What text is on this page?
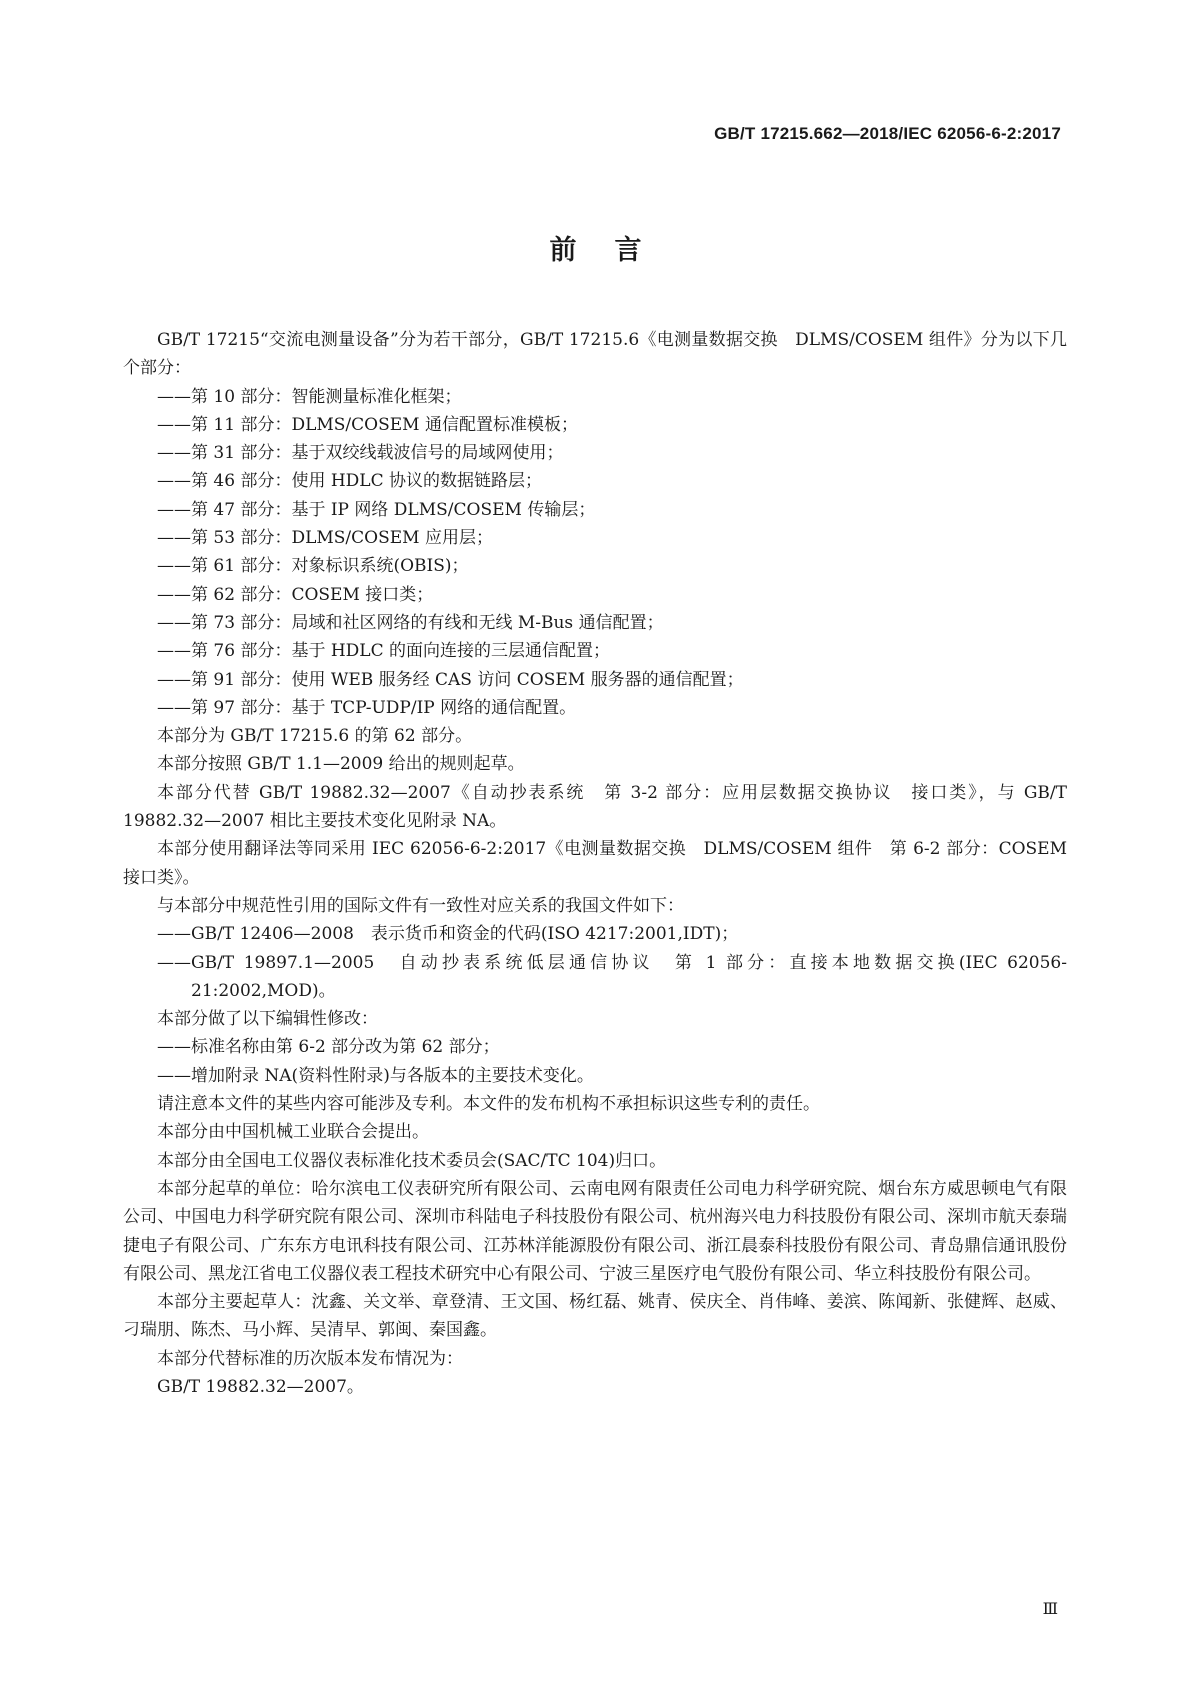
GB/T 17215.662—2018/IEC 62056-6-2:2017
前言

GB/T 17215“交流电测量设备”分为若干部分，GB/T 17215.6《电测量数据交换　DLMS/COSEM 组件》分为以下几个部分：

——第 10 部分：智能测量标准化框架；

——第 11 部分：DLMS/COSEM 通信配置标准模板；

——第 31 部分：基于双绞线载波信号的局域网使用；

——第 46 部分：使用 HDLC 协议的数据链路层；

——第 47 部分：基于 IP 网络 DLMS/COSEM 传输层；

——第 53 部分：DLMS/COSEM 应用层；

——第 61 部分：对象标识系统(OBIS)；

——第 62 部分：COSEM 接口类；

——第 73 部分：局域和社区网络的有线和无线 M-Bus 通信配置；

——第 76 部分：基于 HDLC 的面向连接的三层通信配置；

——第 91 部分：使用 WEB 服务经 CAS 访问 COSEM 服务器的通信配置；

——第 97 部分：基于 TCP-UDP/IP 网络的通信配置。

本部分为 GB/T 17215.6 的第 62 部分。

本部分按照 GB/T 1.1—2009 给出的规则起草。

本部分代替 GB/T 19882.32—2007《自动抄表系统　第 3-2 部分：应用层数据交换协议　接口类》，与 GB/T 19882.32—2007 相比主要技术变化见附录 NA。

本部分使用翻译法等同采用 IEC 62056-6-2:2017《电测量数据交换　DLMS/COSEM 组件　第 6-2 部分：COSEM 接口类》。

与本部分中规范性引用的国际文件有一致性对应关系的我国文件如下：

——GB/T 12406—2008　表示货币和资金的代码(ISO 4217:2001,IDT)；

——GB/T 19897.1—2005　自动抄表系统低层通信协议　第 1 部分：直接本地数据交换(IEC 62056-21:2002,MOD)。

本部分做了以下编辑性修改：

——标准名称由第 6-2 部分改为第 62 部分；

——增加附录 NA(资料性附录)与各版本的主要技术变化。

请注意本文件的某些内容可能涉及专利。本文件的发布机构不承担标识这些专利的责任。

本部分由中国机械工业联合会提出。

本部分由全国电工仪器仪表标准化技术委员会(SAC/TC 104)归口。

本部分起草的单位：哈尔滨电工仪表研究所有限公司、云南电网有限责任公司电力科学研究院、烟台东方威思顿电气有限公司、中国电力科学研究院有限公司、深圳市科陆电子科技股份有限公司、杭州海兴电力科技股份有限公司、深圳市航天泰瑞捷电子有限公司、广东东方电讯科技有限公司、江苏林洋能源股份有限公司、浙江晨泰科技股份有限公司、青岛鼎信通讯股份有限公司、黑龙江省电工仪器仪表工程技术研究中心有限公司、宁波三星医疗电气股份有限公司、华立科技股份有限公司。

本部分主要起草人：沈鑫、关文举、章登清、王文国、杨红磊、姚青、侯庆全、肖伟峰、姜滨、陈闻新、张健辉、赵威、刁瑞朋、陈杰、马小辉、吴清早、郭闽、秦国鑫。

本部分代替标准的历次版本发布情况为：

GB/T 19882.32—2007。

Ⅲ
